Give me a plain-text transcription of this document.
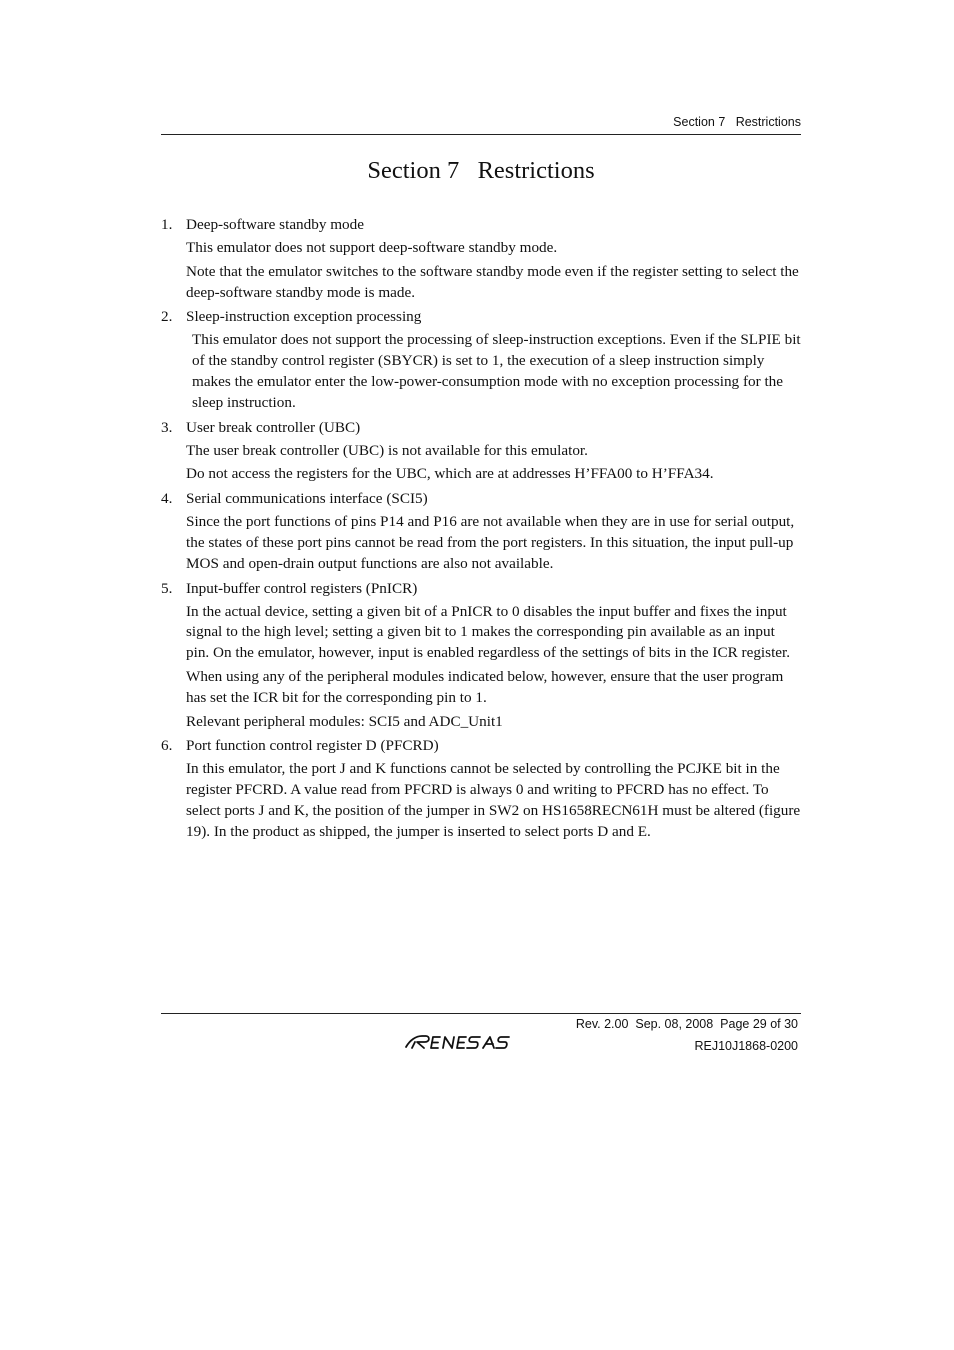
Section 7   Restrictions
Section 7   Restrictions
1. Deep-software standby mode

This emulator does not support deep-software standby mode.

Note that the emulator switches to the software standby mode even if the register setting to select the deep-software standby mode is made.

2. Sleep-instruction exception processing

This emulator does not support the processing of sleep-instruction exceptions. Even if the SLPIE bit of the standby control register (SBYCR) is set to 1, the execution of a sleep instruction simply makes the emulator enter the low-power-consumption mode with no exception processing for the sleep instruction.

3. User break controller (UBC)

The user break controller (UBC) is not available for this emulator.

Do not access the registers for the UBC, which are at addresses H’FFA00 to H’FFA34.

4. Serial communications interface (SCI5)

Since the port functions of pins P14 and P16 are not available when they are in use for serial output, the states of these port pins cannot be read from the port registers. In this situation, the input pull-up MOS and open-drain output functions are also not available.

5. Input-buffer control registers (PnICR)

In the actual device, setting a given bit of a PnICR to 0 disables the input buffer and fixes the input signal to the high level; setting a given bit to 1 makes the corresponding pin available as an input pin. On the emulator, however, input is enabled regardless of the settings of bits in the ICR register.

When using any of the peripheral modules indicated below, however, ensure that the user program has set the ICR bit for the corresponding pin to 1.

Relevant peripheral modules: SCI5 and ADC_Unit1

6. Port function control register D (PFCRD)

In this emulator, the port J and K functions cannot be selected by controlling the PCJKE bit in the register PFCRD. A value read from PFCRD is always 0 and writing to PFCRD has no effect. To select ports J and K, the position of the jumper in SW2 on HS1658RECN61H must be altered (figure 19). In the product as shipped, the jumper is inserted to select ports D and E.

Rev. 2.00  Sep. 08, 2008  Page 29 of 30
REJ10J1868-0200
